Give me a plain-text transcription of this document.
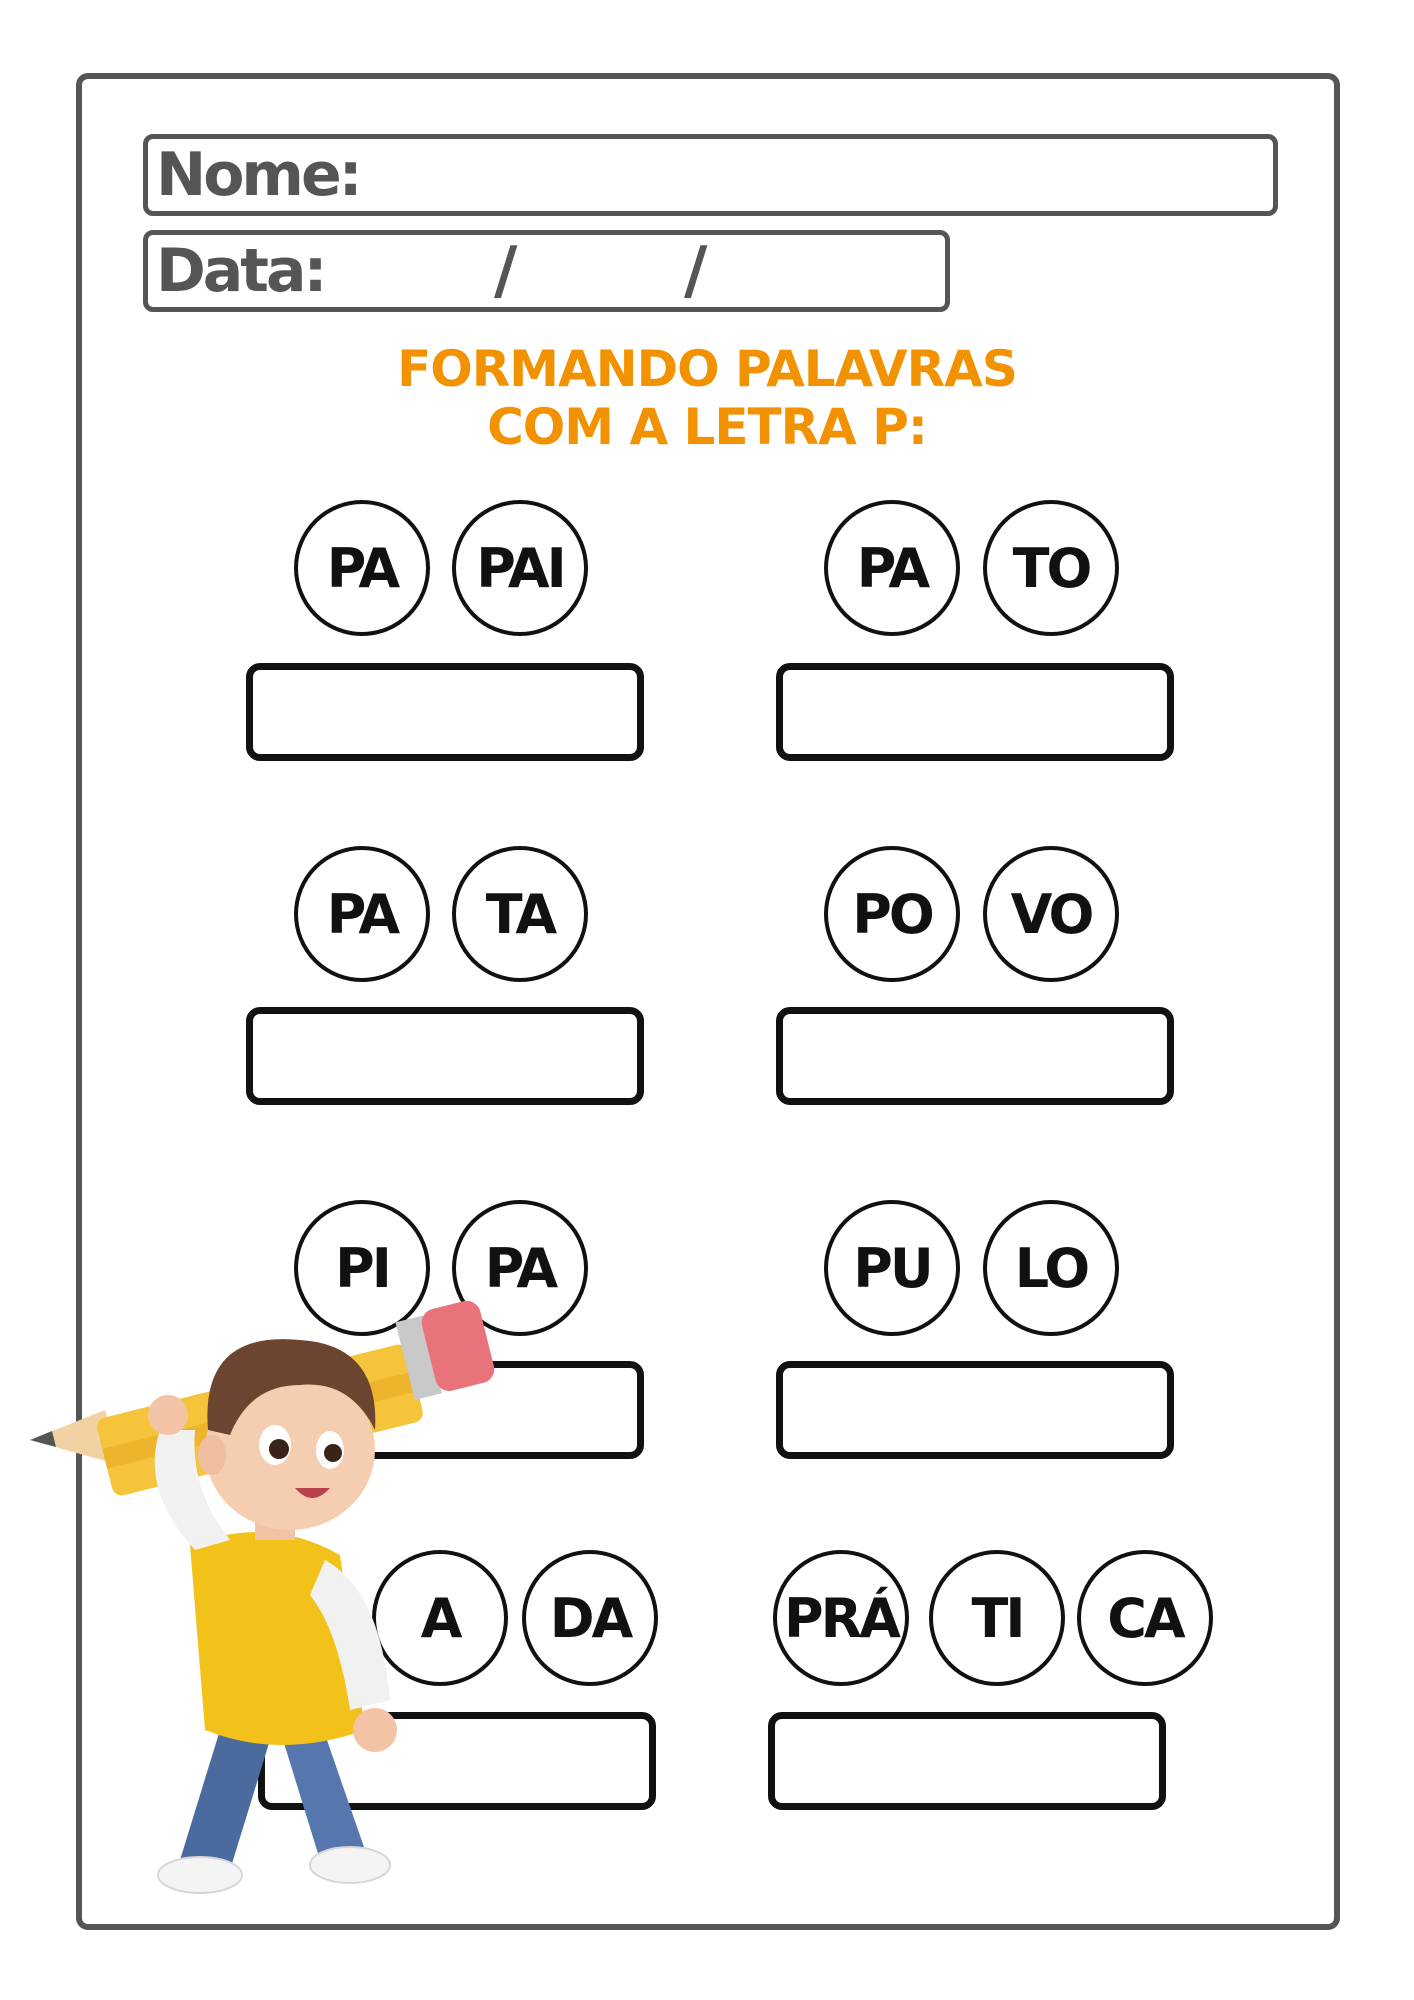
Nome:
Data:	/	/
FORMANDO PALAVRAS
COM A LETRA P:
PA	PAI	PA	TO
PA	TA	PO	VO
PI	PA	PU	LO
A	DA	PRÁ	TI	CA
